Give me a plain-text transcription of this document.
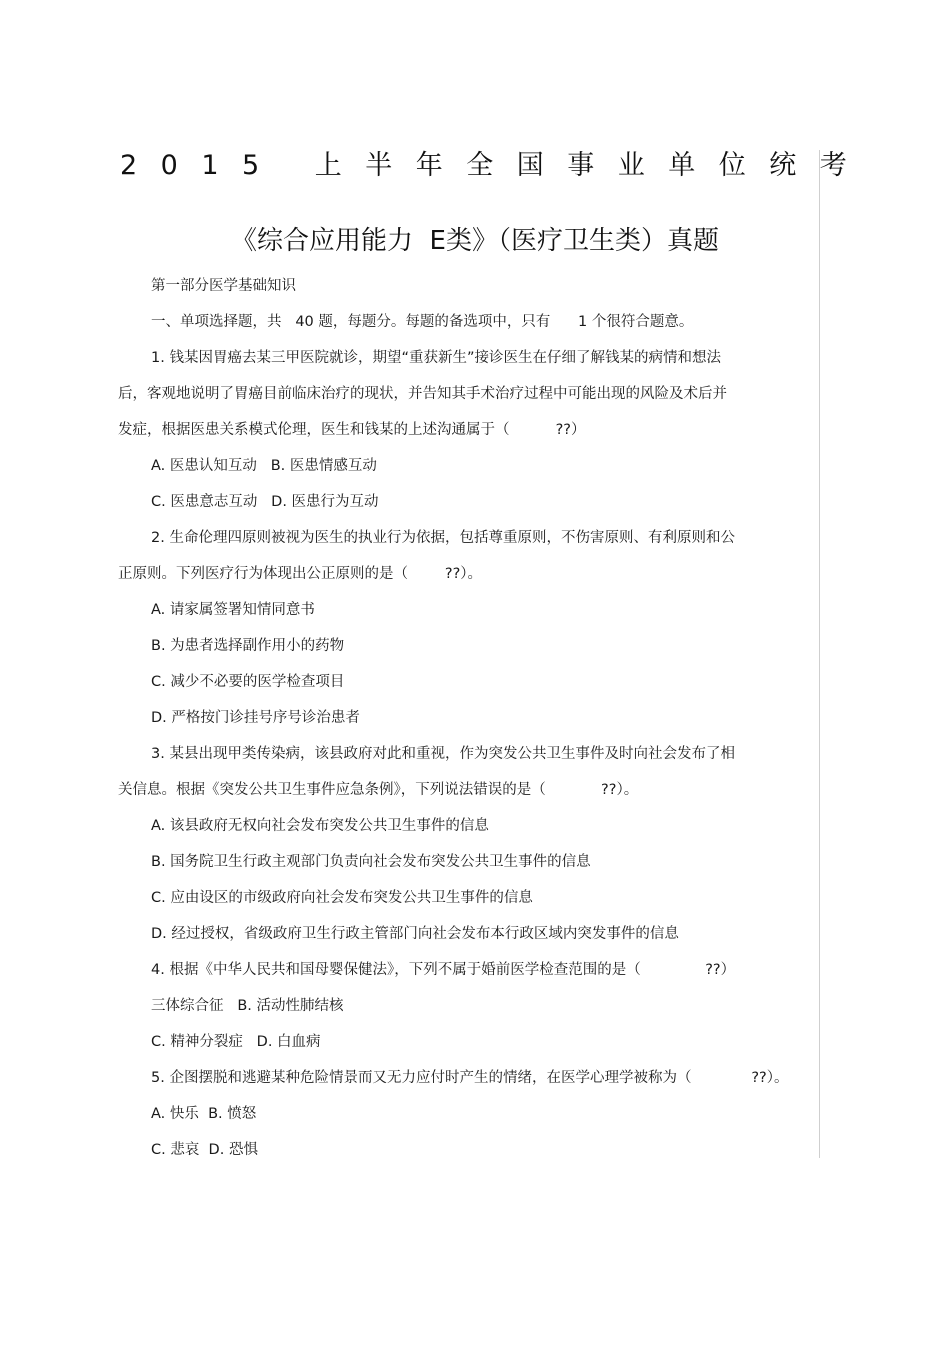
2015 上半年全国事业单位统考
《综合应用能力  E类》（医疗卫生类）真题
第一部分医学基础知识
一、单项选择题，共   40 题，每题分。每题的备选项中，只有      1 个很符合题意。
1. 钱某因胃癌去某三甲医院就诊，期望“重获新生”接诊医生在仔细了解钱某的病情和想法
后，客观地说明了胃癌目前临床治疗的现状，并告知其手术治疗过程中可能出现的风险及术后并
发症，根据医患关系模式伦理，医生和钱某的上述沟通属于（          ??）
A. 医患认知互动   B. 医患情感互动
C. 医患意志互动   D. 医患行为互动
2. 生命伦理四原则被视为医生的执业行为依据，包括尊重原则，不伤害原则、有利原则和公
正原则。下列医疗行为体现出公正原则的是（        ??）。
A. 请家属签署知情同意书
B. 为患者选择副作用小的药物
C. 减少不必要的医学检查项目
D. 严格按门诊挂号序号诊治患者
3. 某县出现甲类传染病，该县政府对此和重视，作为突发公共卫生事件及时向社会发布了相
关信息。根据《突发公共卫生事件应急条例》，下列说法错误的是（            ??）。
A. 该县政府无权向社会发布突发公共卫生事件的信息
B. 国务院卫生行政主观部门负责向社会发布突发公共卫生事件的信息
C. 应由设区的市级政府向社会发布突发公共卫生事件的信息
D. 经过授权，省级政府卫生行政主管部门向社会发布本行政区域内突发事件的信息
4. 根据《中华人民共和国母婴保健法》，下列不属于婚前医学检查范围的是（              ??）
三体综合征   B. 活动性肺结核
C. 精神分裂症   D. 白血病
5. 企图摆脱和逃避某种危险情景而又无力应付时产生的情绪，在医学心理学被称为（             ??）。
A. 快乐  B. 愤怒
C. 悲哀  D. 恐惧
